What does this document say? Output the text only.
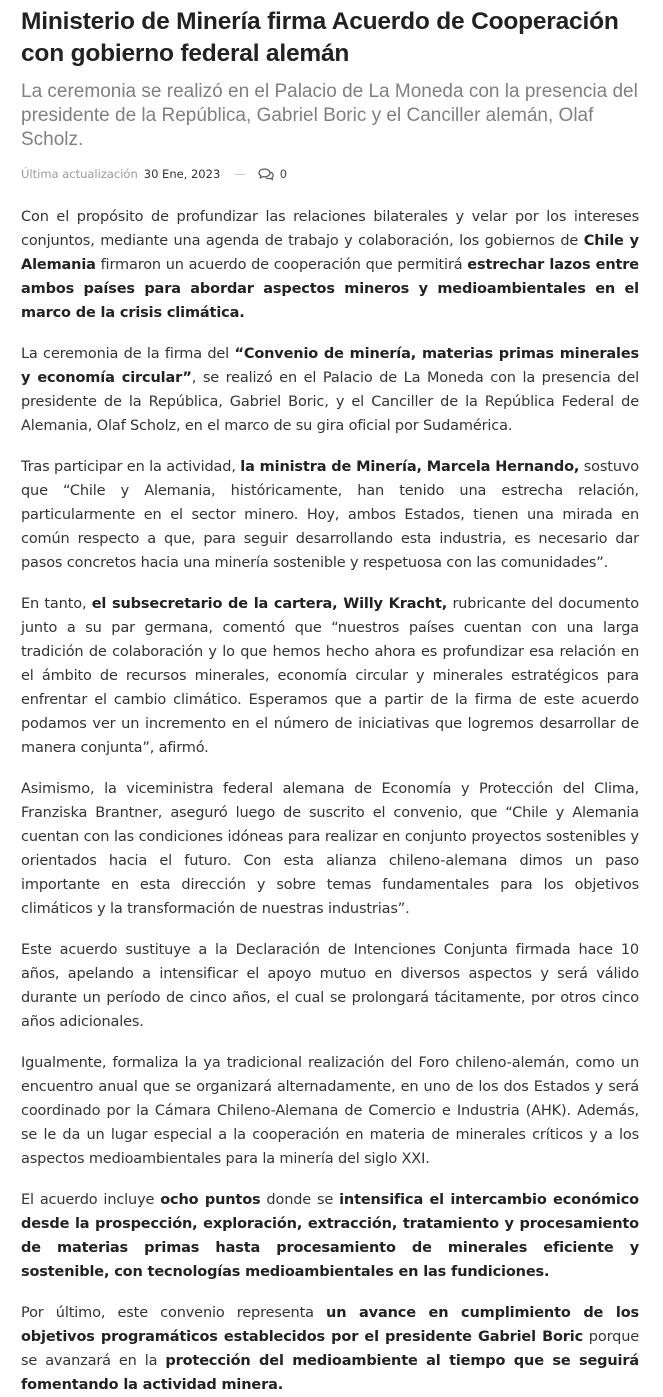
Ministerio de Minería firma Acuerdo de Cooperación con gobierno federal alemán

La ceremonia se realizó en el Palacio de La Moneda con la presencia del presidente de la República, Gabriel Boric y el Canciller alemán, Olaf Scholz.

Última actualización 30 Ene, 2023 —	0

Con el propósito de profundizar las relaciones bilaterales y velar por los intereses conjuntos, mediante una agenda de trabajo y colaboración, los gobiernos de Chile y Alemania firmaron un acuerdo de cooperación que permitirá estrechar lazos entre ambos países para abordar aspectos mineros y medioambientales en el marco de la crisis climática.

La ceremonia de la firma del “Convenio de minería, materias primas minerales y economía circular”, se realizó en el Palacio de La Moneda con la presencia del presidente de la República, Gabriel Boric, y el Canciller de la República Federal de Alemania, Olaf Scholz, en el marco de su gira oficial por Sudamérica.

Tras participar en la actividad, la ministra de Minería, Marcela Hernando, sostuvo que “Chile y Alemania, históricamente, han tenido una estrecha relación, particularmente en el sector minero. Hoy, ambos Estados, tienen una mirada en común respecto a que, para seguir desarrollando esta industria, es necesario dar pasos concretos hacia una minería sostenible y respetuosa con las comunidades”.

En tanto, el subsecretario de la cartera, Willy Kracht, rubricante del documento junto a su par germana, comentó que “nuestros países cuentan con una larga tradición de colaboración y lo que hemos hecho ahora es profundizar esa relación en el ámbito de recursos minerales, economía circular y minerales estratégicos para enfrentar el cambio climático. Esperamos que a partir de la firma de este acuerdo podamos ver un incremento en el número de iniciativas que logremos desarrollar de manera conjunta”, afirmó.

Asimismo, la viceministra federal alemana de Economía y Protección del Clima, Franziska Brantner, aseguró luego de suscrito el convenio, que “Chile y Alemania cuentan con las condiciones idóneas para realizar en conjunto proyectos sostenibles y orientados hacia el futuro. Con esta alianza chileno-alemana dimos un paso importante en esta dirección y sobre temas fundamentales para los objetivos climáticos y la transformación de nuestras industrias”.

Este acuerdo sustituye a la Declaración de Intenciones Conjunta firmada hace 10 años, apelando a intensificar el apoyo mutuo en diversos aspectos y será válido durante un período de cinco años, el cual se prolongará tácitamente, por otros cinco años adicionales.

Igualmente, formaliza la ya tradicional realización del Foro chileno-alemán, como un encuentro anual que se organizará alternadamente, en uno de los dos Estados y será coordinado por la Cámara Chileno-Alemana de Comercio e Industria (AHK). Además, se le da un lugar especial a la cooperación en materia de minerales críticos y a los aspectos medioambientales para la minería del siglo XXI.

El acuerdo incluye ocho puntos donde se intensifica el intercambio económico desde la prospección, exploración, extracción, tratamiento y procesamiento de materias primas hasta procesamiento de minerales eficiente y sostenible, con tecnologías medioambientales en las fundiciones.

Por último, este convenio representa un avance en cumplimiento de los objetivos programáticos establecidos por el presidente Gabriel Boric porque se avanzará en la protección del medioambiente al tiempo que se seguirá fomentando la actividad minera.
